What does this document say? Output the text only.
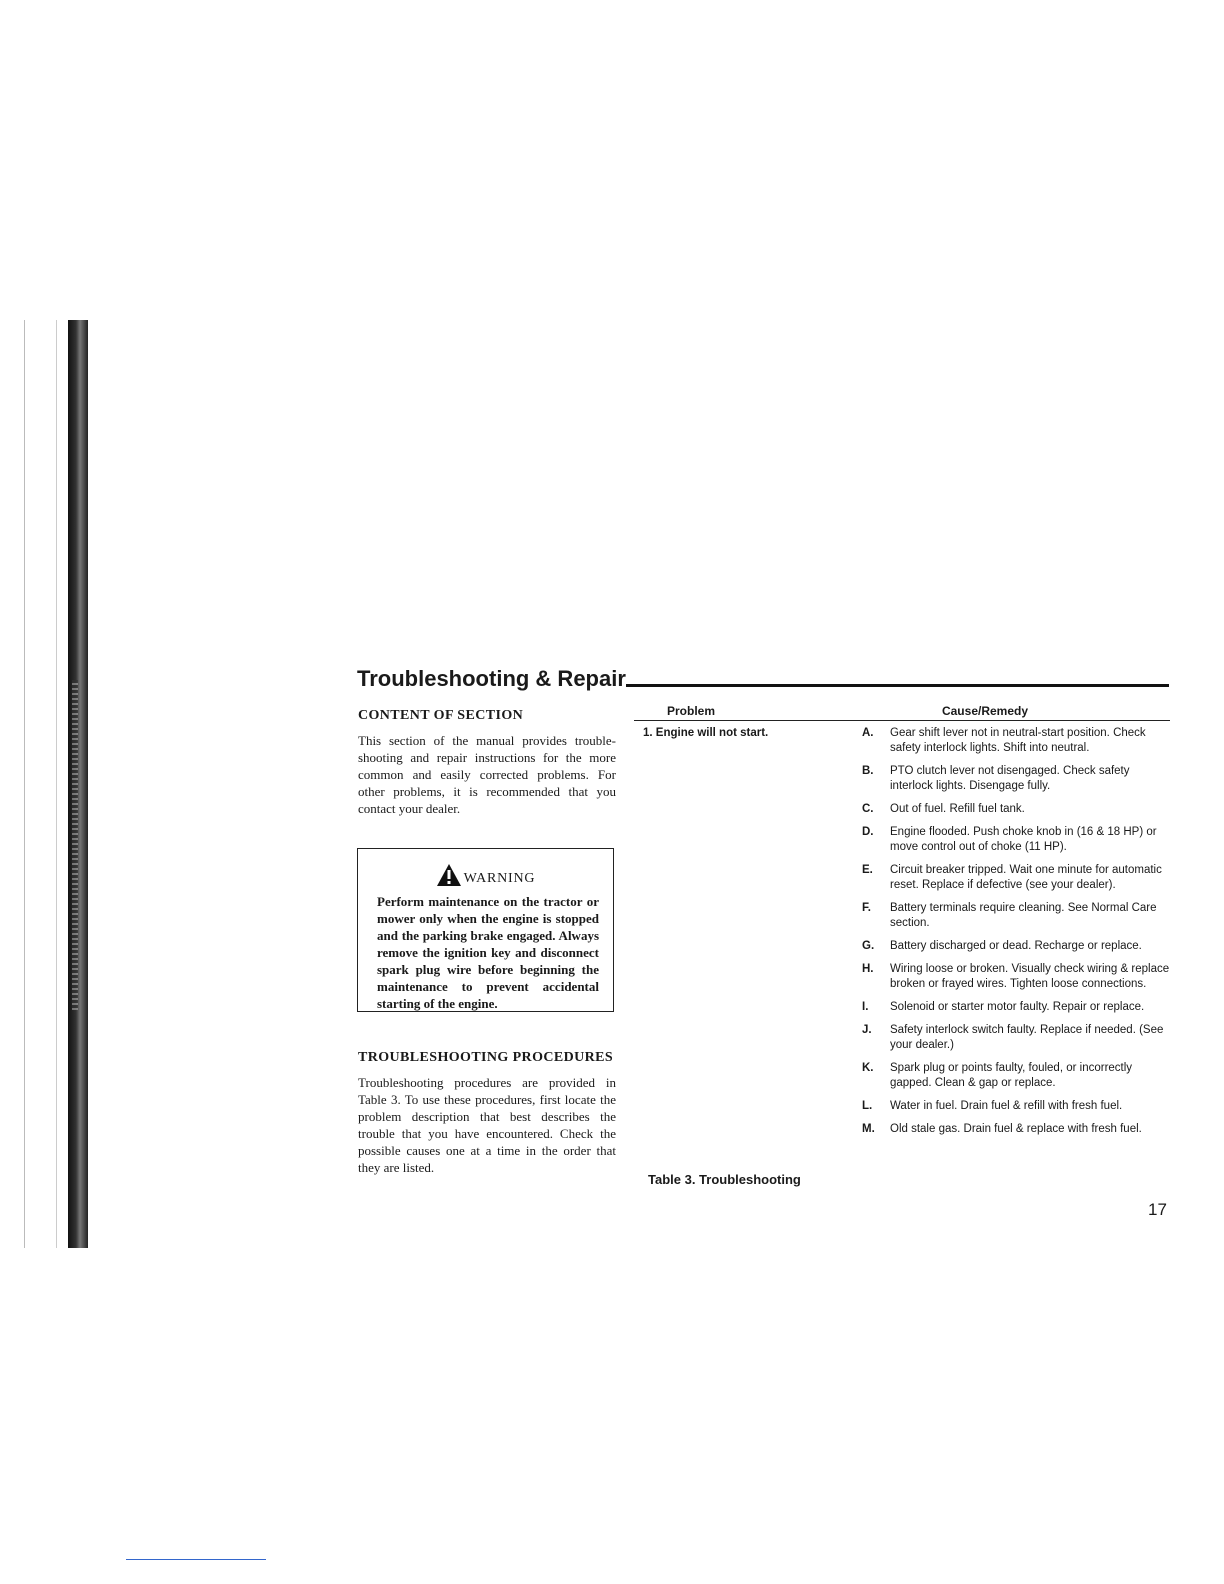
Troubleshooting & Repair
CONTENT OF SECTION

This section of the manual provides trouble-shooting and repair instructions for the more common and easily corrected problems. For other problems, it is recommended that you contact your dealer.

WARNING

Perform maintenance on the tractor or mower only when the engine is stopped and the parking brake engaged. Always remove the ignition key and disconnect spark plug wire before beginning the maintenance to prevent accidental starting of the engine.

TROUBLESHOOTING PROCEDURES

Troubleshooting procedures are provided in Table 3. To use these procedures, first locate the problem description that best describes the trouble that you have encountered. Check the possible causes one at a time in the order that they are listed.

Problem	Cause/Remedy
1. Engine will not start.	A.	Gear shift lever not in neutral-start position. Check safety interlock lights. Shift into neutral.
B.	PTO clutch lever not disengaged. Check safety interlock lights. Disengage fully.
C.	Out of fuel. Refill fuel tank.
D.	Engine flooded. Push choke knob in (16 & 18 HP) or move control out of choke (11 HP).
E.	Circuit breaker tripped. Wait one minute for automatic reset. Replace if defective (see your dealer).
F.	Battery terminals require cleaning. See Normal Care section.
G.	Battery discharged or dead. Recharge or replace.
H.	Wiring loose or broken. Visually check wiring & replace broken or frayed wires. Tighten loose connections.
I.	Solenoid or starter motor faulty. Repair or replace.
J.	Safety interlock switch faulty. Replace if needed. (See your dealer.)
K.	Spark plug or points faulty, fouled, or incorrectly gapped. Clean & gap or replace.
L.	Water in fuel. Drain fuel & refill with fresh fuel.
M.	Old stale gas. Drain fuel & replace with fresh fuel.
Table 3. Troubleshooting
17
